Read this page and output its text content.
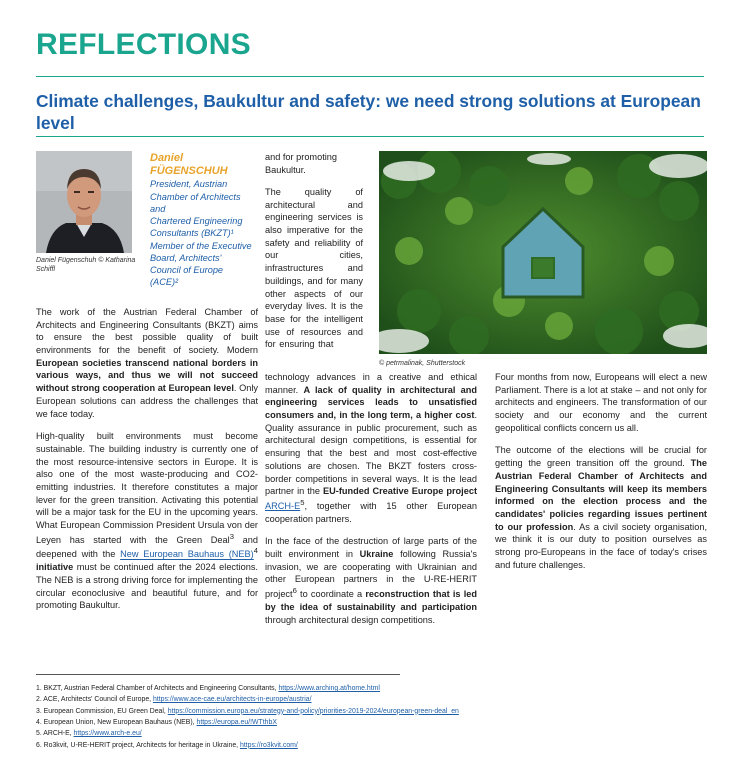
REFLECTIONS
Climate challenges, Baukultur and safety: we need strong solutions at European level
Daniel Fügenschuh © Katharina Schiffl
Daniel
FÜGENSCHUH
President, Austrian
Chamber of Architects and
Chartered Engineering
Consultants (BKZT)¹
Member of the Executive
Board, Architects'
Council of Europe (ACE)²
© petrmalinak, Shutterstock

The work of the Austrian Federal Chamber of Architects and Engineering Consultants (BKZT) aims to ensure the best possible quality of built environments for the benefit of society. Modern European societies transcend national borders in various ways, and thus we will not succeed without strong cooperation at European level. Only European solutions can address the challenges that we face today.

High-quality built environments must become sustainable. The building industry is currently one of the most resource-intensive sectors in Europe. It is also one of the most waste-producing and CO2-emitting industries. It therefore constitutes a major lever for the green transition. Activating this potential will be a major task for the EU in the upcoming years. What European Commission President Ursula von der Leyen has started with the Green Deal$^3$ and deepened with the New European Bauhaus (NEB)$^4$ initiative must be continued after the 2024 elections. The NEB is a strong driving force for implementing the circular econoclusive and beautiful future, and for promoting Baukultur.

and for promoting Baukultur.

technology advances in a creative and ethical manner. A lack of quality in architectural and engineering services leads to unsatisfied consumers and, in the long term, a higher cost. Quality assurance in public procurement, such as architectural design competitions, is essential for ensuring that the best and most cost-effective solutions are chosen. The BKZT fosters cross-border competitions in several ways. It is the lead partner in the EU-funded Creative Europe project ARCH-$E^5$, together with 15 other European cooperation partners.

In the face of the destruction of large parts of the built environment in Ukraine following Russia's invasion, we are cooperating with Ukrainian and other European partners in the U-RE-HERIT project$^6$ to coordinate a reconstruction that is led by the idea of sustainability and participation through architectural design competitions.

Four months from now, Europeans will elect a new Parliament. There is a lot at stake – and not only for architects and engineers. The transformation of our society and our economy and the current geopolitical conflicts concern us all.

The outcome of the elections will be crucial for getting the green transition off the ground. The Austrian Federal Chamber of Architects and Engineering Consultants will keep its members informed on the election process and the candidates' policies regarding issues pertinent to our profession. As a civil society organisation, we think it is our duty to position ourselves as strong pro-Europeans in the face of today's crises and future challenges.

1. BKZT, Austrian Federal Chamber of Architects and Engineering Consultants, https://www.arching.at/home.html
2. ACE, Architects' Council of Europe, https://www.ace-cae.eu/architects-in-europe/austria/
3. European Commission, EU Green Deal, https://commission.europa.eu/strategy-and-policy/priorities-2019-2024/european-green-deal_en
4. European Union, New European Bauhaus (NEB), https://europa.eu/!WTthbX
5. ARCH-E, https://www.arch-e.eu/
6. Ro3kvit, U-RE-HERIT project, Architects for heritage in Ukraine, https://ro3kvit.com/

The quality of architectural and engineering services is also imperative for the safety and reliability of our cities, infrastructures and buildings, and for many other aspects of our everyday lives. It is the base for the intelligent use of resources and for ensuring that
